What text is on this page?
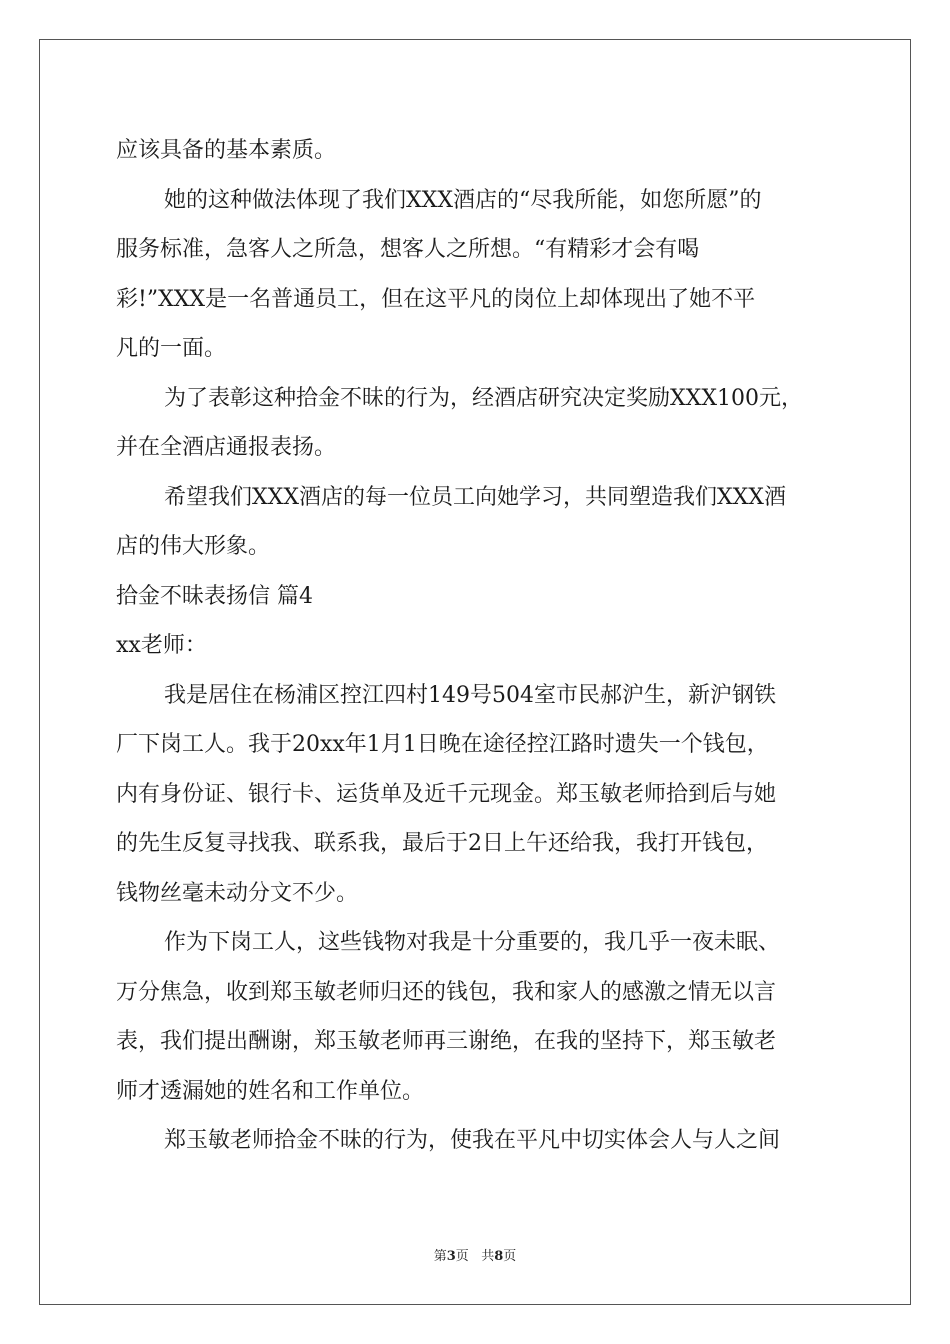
应该具备的基本素质。
她的这种做法体现了我们XXX酒店的“尽我所能，如您所愿”的
服务标准，急客人之所急，想客人之所想。“有精彩才会有喝
彩!”XXX是一名普通员工，但在这平凡的岗位上却体现出了她不平
凡的一面。
为了表彰这种拾金不昧的行为，经酒店研究决定奖励XXX100元，
并在全酒店通报表扬。
希望我们XXX酒店的每一位员工向她学习，共同塑造我们XXX酒
店的伟大形象。
拾金不昧表扬信 篇4
xx老师：
我是居住在杨浦区控江四村149号504室市民郝沪生，新沪钢铁
厂下岗工人。我于20xx年1月1日晚在途径控江路时遗失一个钱包，
内有身份证、银行卡、运货单及近千元现金。郑玉敏老师拾到后与她
的先生反复寻找我、联系我，最后于2日上午还给我，我打开钱包，
钱物丝毫未动分文不少。
作为下岗工人，这些钱物对我是十分重要的，我几乎一夜未眠、
万分焦急，收到郑玉敏老师归还的钱包，我和家人的感激之情无以言
表，我们提出酬谢，郑玉敏老师再三谢绝，在我的坚持下，郑玉敏老
师才透漏她的姓名和工作单位。
郑玉敏老师拾金不昧的行为，使我在平凡中切实体会人与人之间
第3页 共8页
